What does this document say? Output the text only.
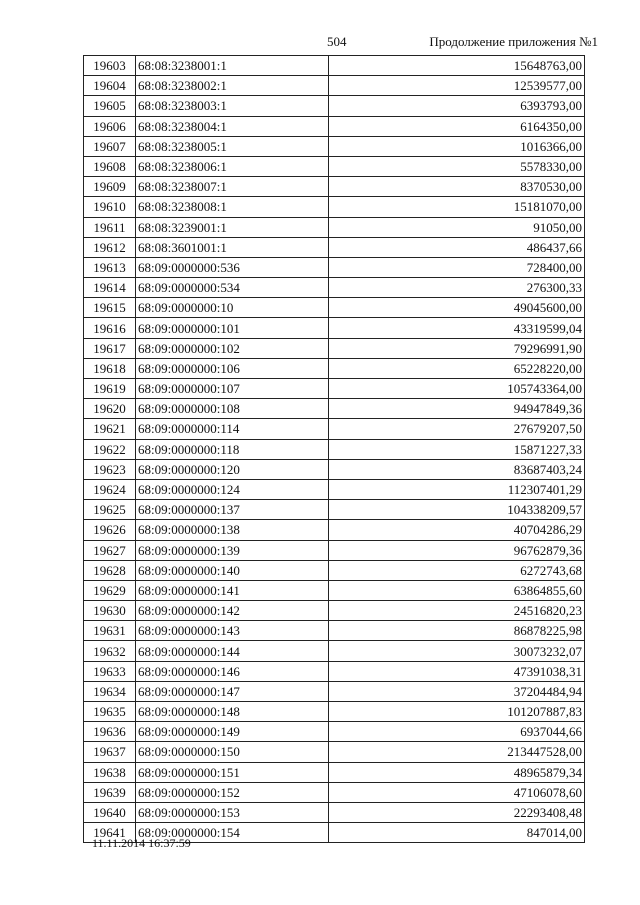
504	Продолжение приложения №1
19603	68:08:3238001:1	15648763,00
19604	68:08:3238002:1	12539577,00
19605	68:08:3238003:1	6393793,00
19606	68:08:3238004:1	6164350,00
19607	68:08:3238005:1	1016366,00
19608	68:08:3238006:1	5578330,00
19609	68:08:3238007:1	8370530,00
19610	68:08:3238008:1	15181070,00
19611	68:08:3239001:1	91050,00
19612	68:08:3601001:1	486437,66
19613	68:09:0000000:536	728400,00
19614	68:09:0000000:534	276300,33
19615	68:09:0000000:10	49045600,00
19616	68:09:0000000:101	43319599,04
19617	68:09:0000000:102	79296991,90
19618	68:09:0000000:106	65228220,00
19619	68:09:0000000:107	105743364,00
19620	68:09:0000000:108	94947849,36
19621	68:09:0000000:114	27679207,50
19622	68:09:0000000:118	15871227,33
19623	68:09:0000000:120	83687403,24
19624	68:09:0000000:124	112307401,29
19625	68:09:0000000:137	104338209,57
19626	68:09:0000000:138	40704286,29
19627	68:09:0000000:139	96762879,36
19628	68:09:0000000:140	6272743,68
19629	68:09:0000000:141	63864855,60
19630	68:09:0000000:142	24516820,23
19631	68:09:0000000:143	86878225,98
19632	68:09:0000000:144	30073232,07
19633	68:09:0000000:146	47391038,31
19634	68:09:0000000:147	37204484,94
19635	68:09:0000000:148	101207887,83
19636	68:09:0000000:149	6937044,66
19637	68:09:0000000:150	213447528,00
19638	68:09:0000000:151	48965879,34
19639	68:09:0000000:152	47106078,60
19640	68:09:0000000:153	22293408,48
19641	68:09:0000000:154	847014,00
11.11.2014 16:37:59
